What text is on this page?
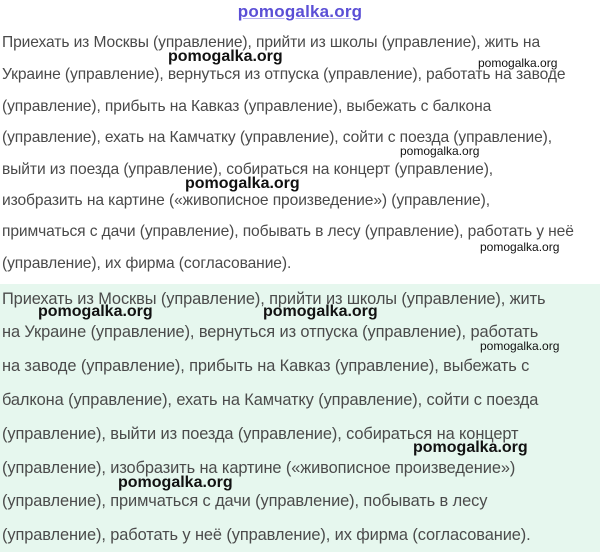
pomogalka.org
Приехать из Москвы (управление), прийти из школы (управление), жить на
Украине (управление), вернуться из отпуска (управление), работать на заводе
(управление), прибыть на Кавказ (управление), выбежать с балкона
(управление), ехать на Камчатку (управление), сойти с поезда (управление),
выйти из поезда (управление), собираться на концерт (управление),
изобразить на картине («живописное произведение») (управление),
примчаться с дачи (управление), побывать в лесу (управление), работать у неё
(управление), их фирма (согласование).
pomogalka.org	pomogalka.org
pomogalka.org
pomogalka.org
pomogalka.org
Приехать из Москвы (управление), прийти из школы (управление), жить
на Украине (управление), вернуться из отпуска (управление), работать
на заводе (управление), прибыть на Кавказ (управление), выбежать с
балкона (управление), ехать на Камчатку (управление), сойти с поезда
(управление), выйти из поезда (управление), собираться на концерт
(управление), изобразить на картине («живописное произведение»)
(управление), примчаться с дачи (управление), побывать в лесу
(управление), работать у неё (управление), их фирма (согласование).
pomogalka.org	pomogalka.org
pomogalka.org
pomogalka.org
pomogalka.org
